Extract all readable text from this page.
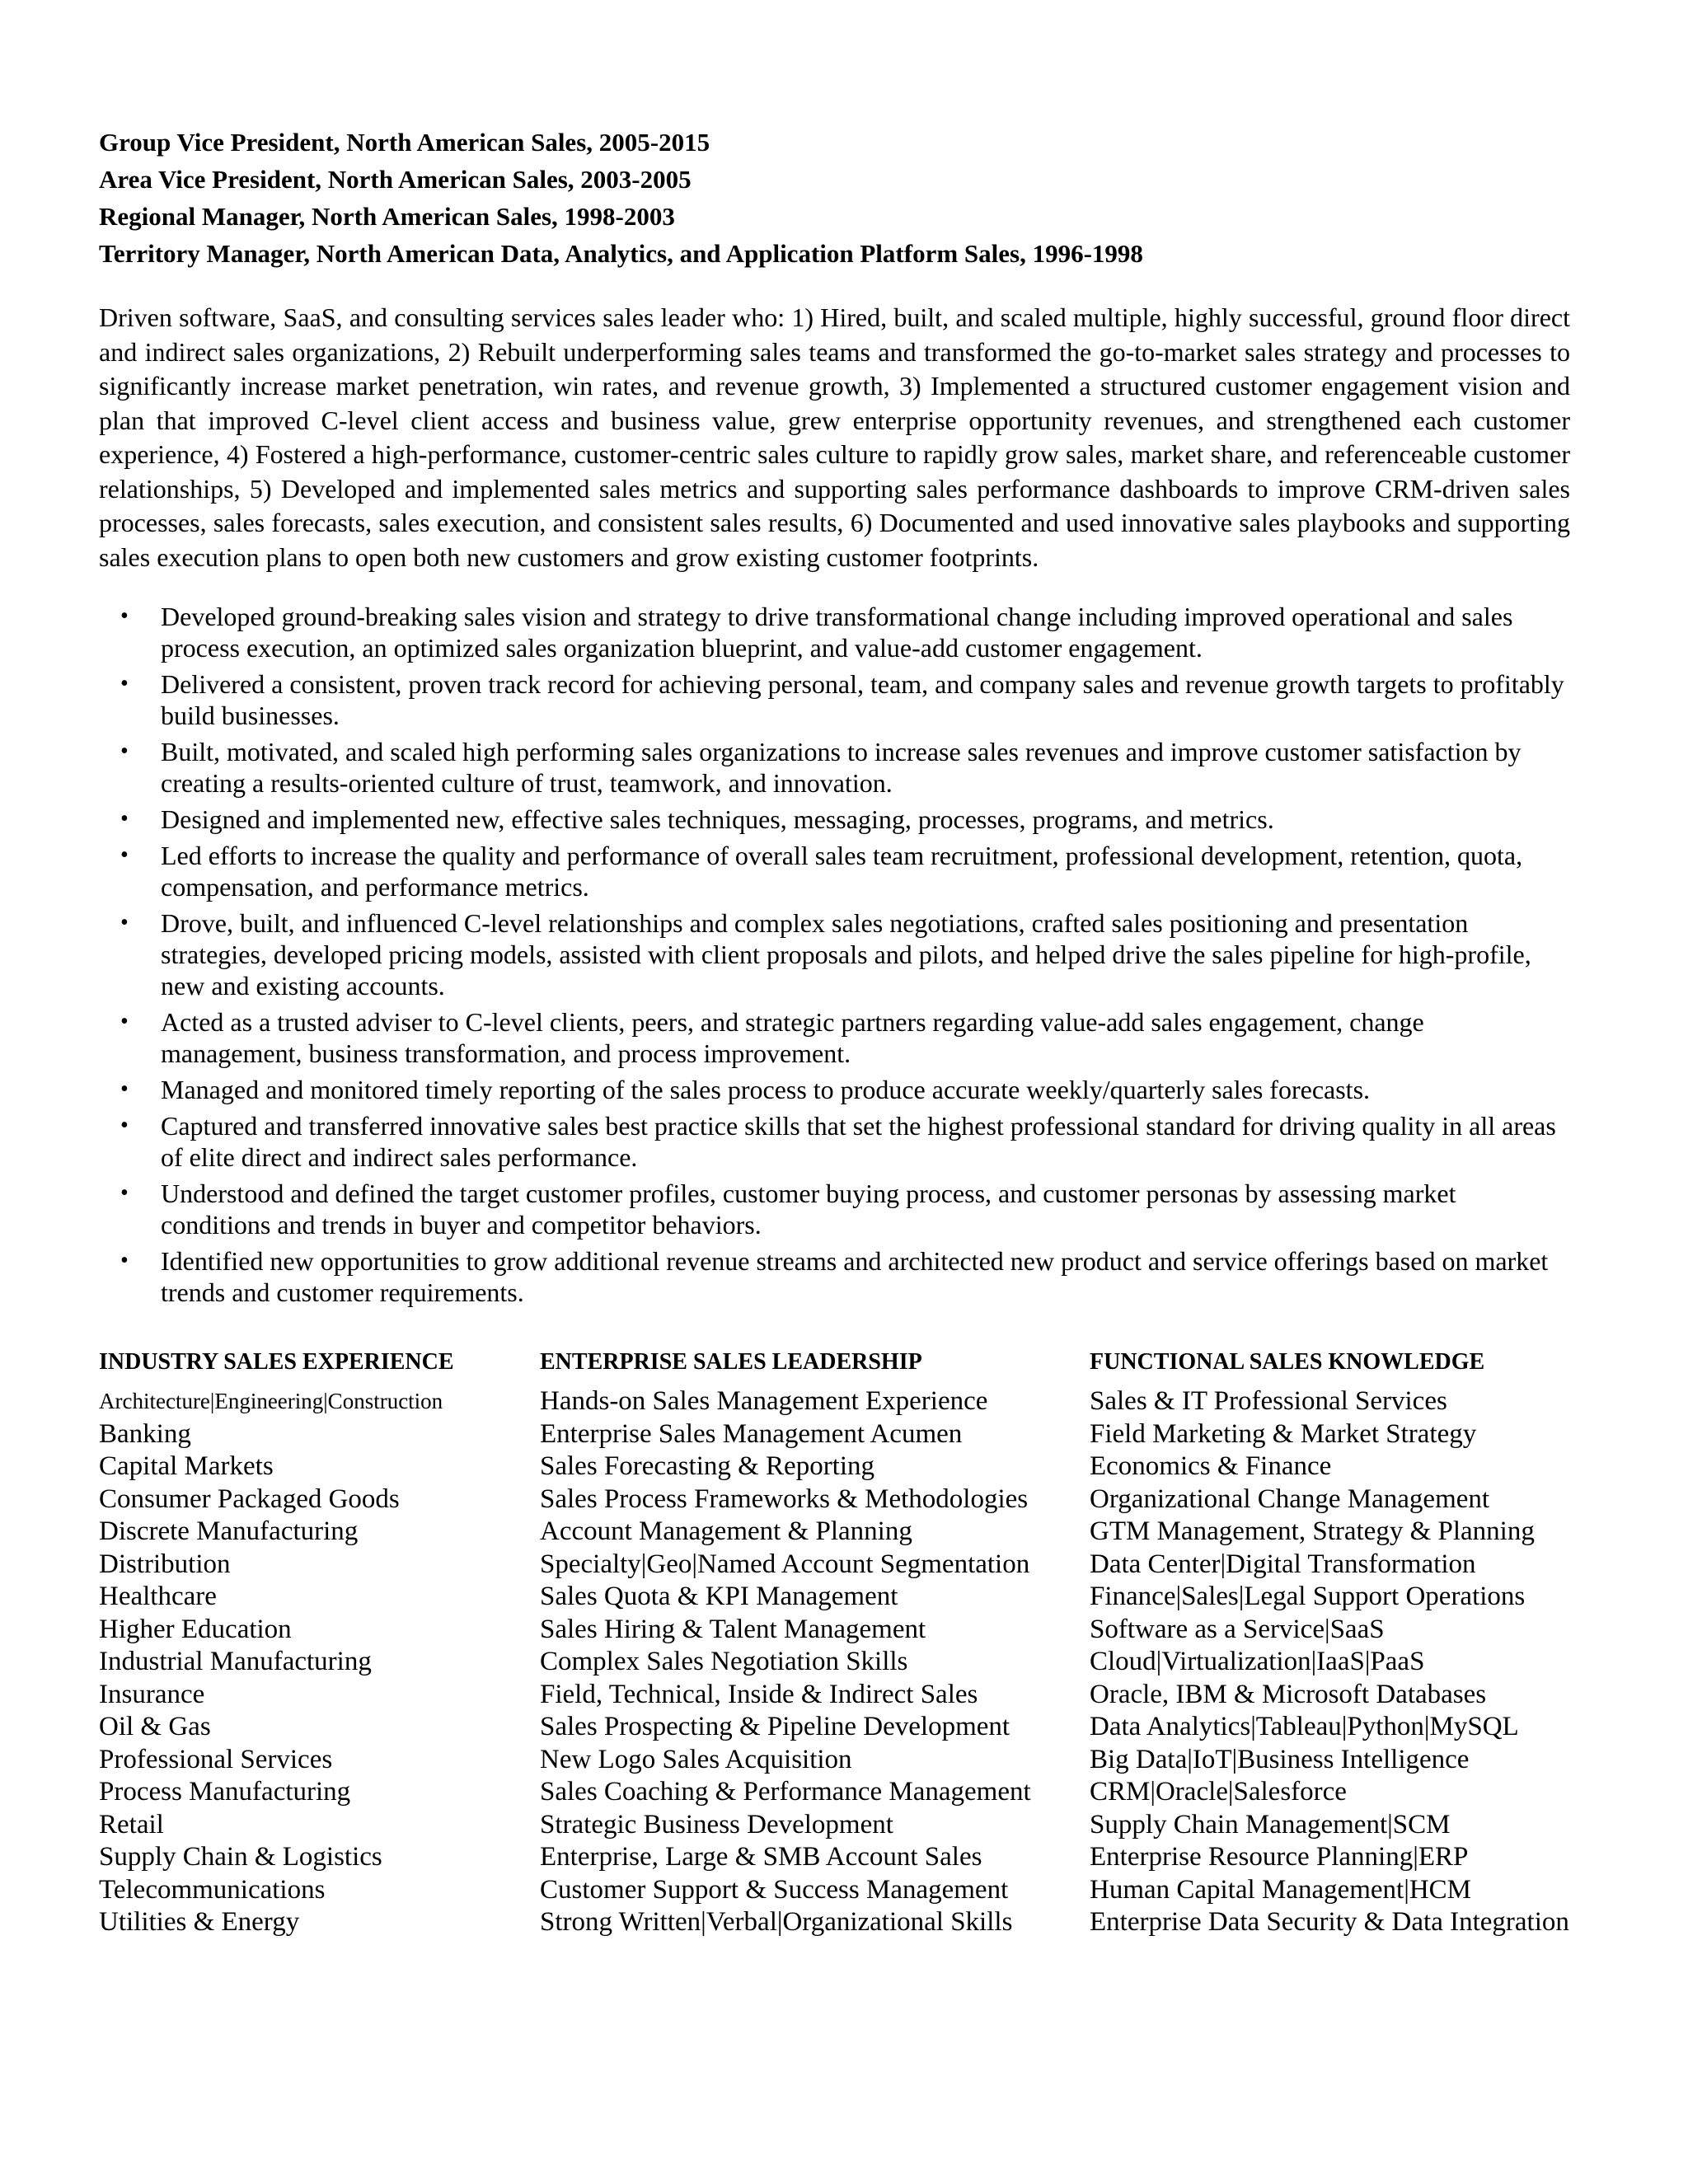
Group Vice President, North American Sales, 2005-2015
Area Vice President, North American Sales, 2003-2005
Regional Manager, North American Sales, 1998-2003
Territory Manager, North American Data, Analytics, and Application Platform Sales, 1996-1998

Driven software, SaaS, and consulting services sales leader who: 1) Hired, built, and scaled multiple, highly successful, ground floor direct and indirect sales organizations, 2) Rebuilt underperforming sales teams and transformed the go-to-market sales strategy and processes to significantly increase market penetration, win rates, and revenue growth, 3) Implemented a structured customer engagement vision and plan that improved C-level client access and business value, grew enterprise opportunity revenues, and strengthened each customer experience, 4) Fostered a high-performance, customer-centric sales culture to rapidly grow sales, market share, and referenceable customer relationships, 5) Developed and implemented sales metrics and supporting sales performance dashboards to improve CRM-driven sales processes, sales forecasts, sales execution, and consistent sales results, 6) Documented and used innovative sales playbooks and supporting sales execution plans to open both new customers and grow existing customer footprints.

• Developed ground-breaking sales vision and strategy to drive transformational change including improved operational and sales process execution, an optimized sales organization blueprint, and value-add customer engagement.
• Delivered a consistent, proven track record for achieving personal, team, and company sales and revenue growth targets to profitably build businesses.
• Built, motivated, and scaled high performing sales organizations to increase sales revenues and improve customer satisfaction by creating a results-oriented culture of trust, teamwork, and innovation.
• Designed and implemented new, effective sales techniques, messaging, processes, programs, and metrics.
• Led efforts to increase the quality and performance of overall sales team recruitment, professional development, retention, quota, compensation, and performance metrics.
• Drove, built, and influenced C-level relationships and complex sales negotiations, crafted sales positioning and presentation strategies, developed pricing models, assisted with client proposals and pilots, and helped drive the sales pipeline for high-profile, new and existing accounts.
• Acted as a trusted adviser to C-level clients, peers, and strategic partners regarding value-add sales engagement, change management, business transformation, and process improvement.
• Managed and monitored timely reporting of the sales process to produce accurate weekly/quarterly sales forecasts.
• Captured and transferred innovative sales best practice skills that set the highest professional standard for driving quality in all areas of elite direct and indirect sales performance.
• Understood and defined the target customer profiles, customer buying process, and customer personas by assessing market conditions and trends in buyer and competitor behaviors.
• Identified new opportunities to grow additional revenue streams and architected new product and service offerings based on market trends and customer requirements.
INDUSTRY SALES EXPERIENCE
Architecture|Engineering|Construction
Banking
Capital Markets
Consumer Packaged Goods
Discrete Manufacturing
Distribution
Healthcare
Higher Education
Industrial Manufacturing
Insurance
Oil & Gas
Professional Services
Process Manufacturing
Retail
Supply Chain & Logistics
Telecommunications
Utilities & Energy
ENTERPRISE SALES LEADERSHIP
Hands-on Sales Management Experience
Enterprise Sales Management Acumen
Sales Forecasting & Reporting
Sales Process Frameworks & Methodologies
Account Management & Planning
Specialty|Geo|Named Account Segmentation
Sales Quota & KPI Management
Sales Hiring & Talent Management
Complex Sales Negotiation Skills
Field, Technical, Inside & Indirect Sales
Sales Prospecting & Pipeline Development
New Logo Sales Acquisition
Sales Coaching & Performance Management
Strategic Business Development
Enterprise, Large & SMB Account Sales
Customer Support & Success Management
Strong Written|Verbal|Organizational Skills
FUNCTIONAL SALES KNOWLEDGE
Sales & IT Professional Services
Field Marketing & Market Strategy
Economics & Finance
Organizational Change Management
GTM Management, Strategy & Planning
Data Center|Digital Transformation
Finance|Sales|Legal Support Operations
Software as a Service|SaaS
Cloud|Virtualization|IaaS|PaaS
Oracle, IBM & Microsoft Databases
Data Analytics|Tableau|Python|MySQL
Big Data|IoT|Business Intelligence
CRM|Oracle|Salesforce
Supply Chain Management|SCM
Enterprise Resource Planning|ERP
Human Capital Management|HCM
Enterprise Data Security & Data Integration
